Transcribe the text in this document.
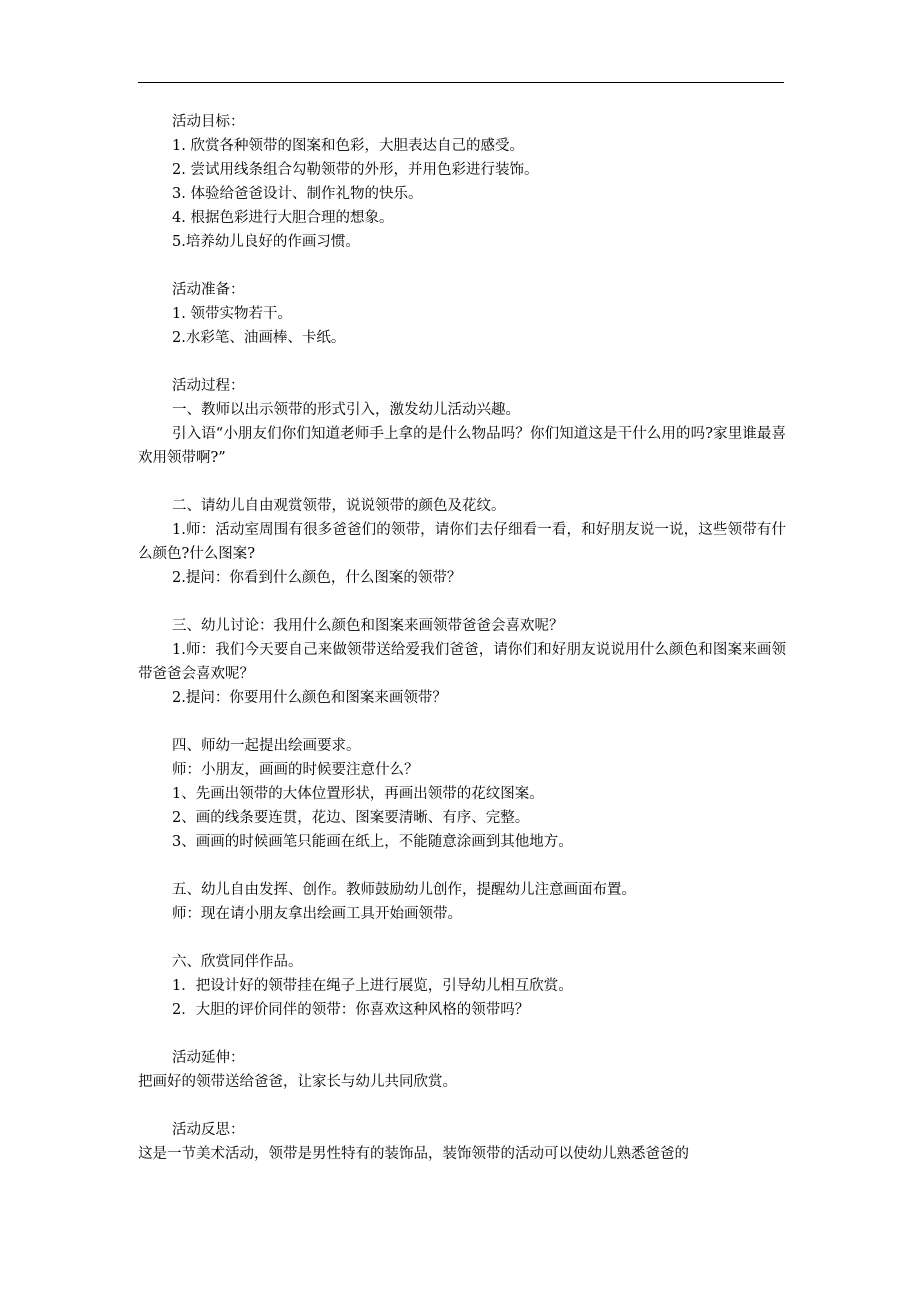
活动目标：
1. 欣赏各种领带的图案和色彩，大胆表达自己的感受。
2. 尝试用线条组合勾勒领带的外形，并用色彩进行装饰。
3. 体验给爸爸设计、制作礼物的快乐。
4. 根据色彩进行大胆合理的想象。
5.培养幼儿良好的作画习惯。
活动准备：
1. 领带实物若干。
2.水彩笔、油画棒、卡纸。
活动过程：
一、教师以出示领带的形式引入，激发幼儿活动兴趣。
引入语“小朋友们你们知道老师手上拿的是什么物品吗？你们知道这是干什么用的吗?家里谁最喜欢用领带啊?”
二、请幼儿自由观赏领带，说说领带的颜色及花纹。
1.师：活动室周围有很多爸爸们的领带，请你们去仔细看一看，和好朋友说一说，这些领带有什么颜色?什么图案?
2.提问：你看到什么颜色，什么图案的领带？
三、幼儿讨论：我用什么颜色和图案来画领带爸爸会喜欢呢？
1.师：我们今天要自己来做领带送给爱我们爸爸，请你们和好朋友说说用什么颜色和图案来画领带爸爸会喜欢呢？
2.提问：你要用什么颜色和图案来画领带？
四、师幼一起提出绘画要求。
师：小朋友，画画的时候要注意什么？
1、先画出领带的大体位置形状，再画出领带的花纹图案。
2、画的线条要连贯，花边、图案要清晰、有序、完整。
3、画画的时候画笔只能画在纸上，不能随意涂画到其他地方。
五、幼儿自由发挥、创作。教师鼓励幼儿创作，提醒幼儿注意画面布置。
师：现在请小朋友拿出绘画工具开始画领带。
六、欣赏同伴作品。
1．把设计好的领带挂在绳子上进行展览，引导幼儿相互欣赏。
2．大胆的评价同伴的领带：你喜欢这种风格的领带吗？
活动延伸：
把画好的领带送给爸爸，让家长与幼儿共同欣赏。
活动反思：
这是一节美术活动，领带是男性特有的装饰品，装饰领带的活动可以使幼儿熟悉爸爸的
